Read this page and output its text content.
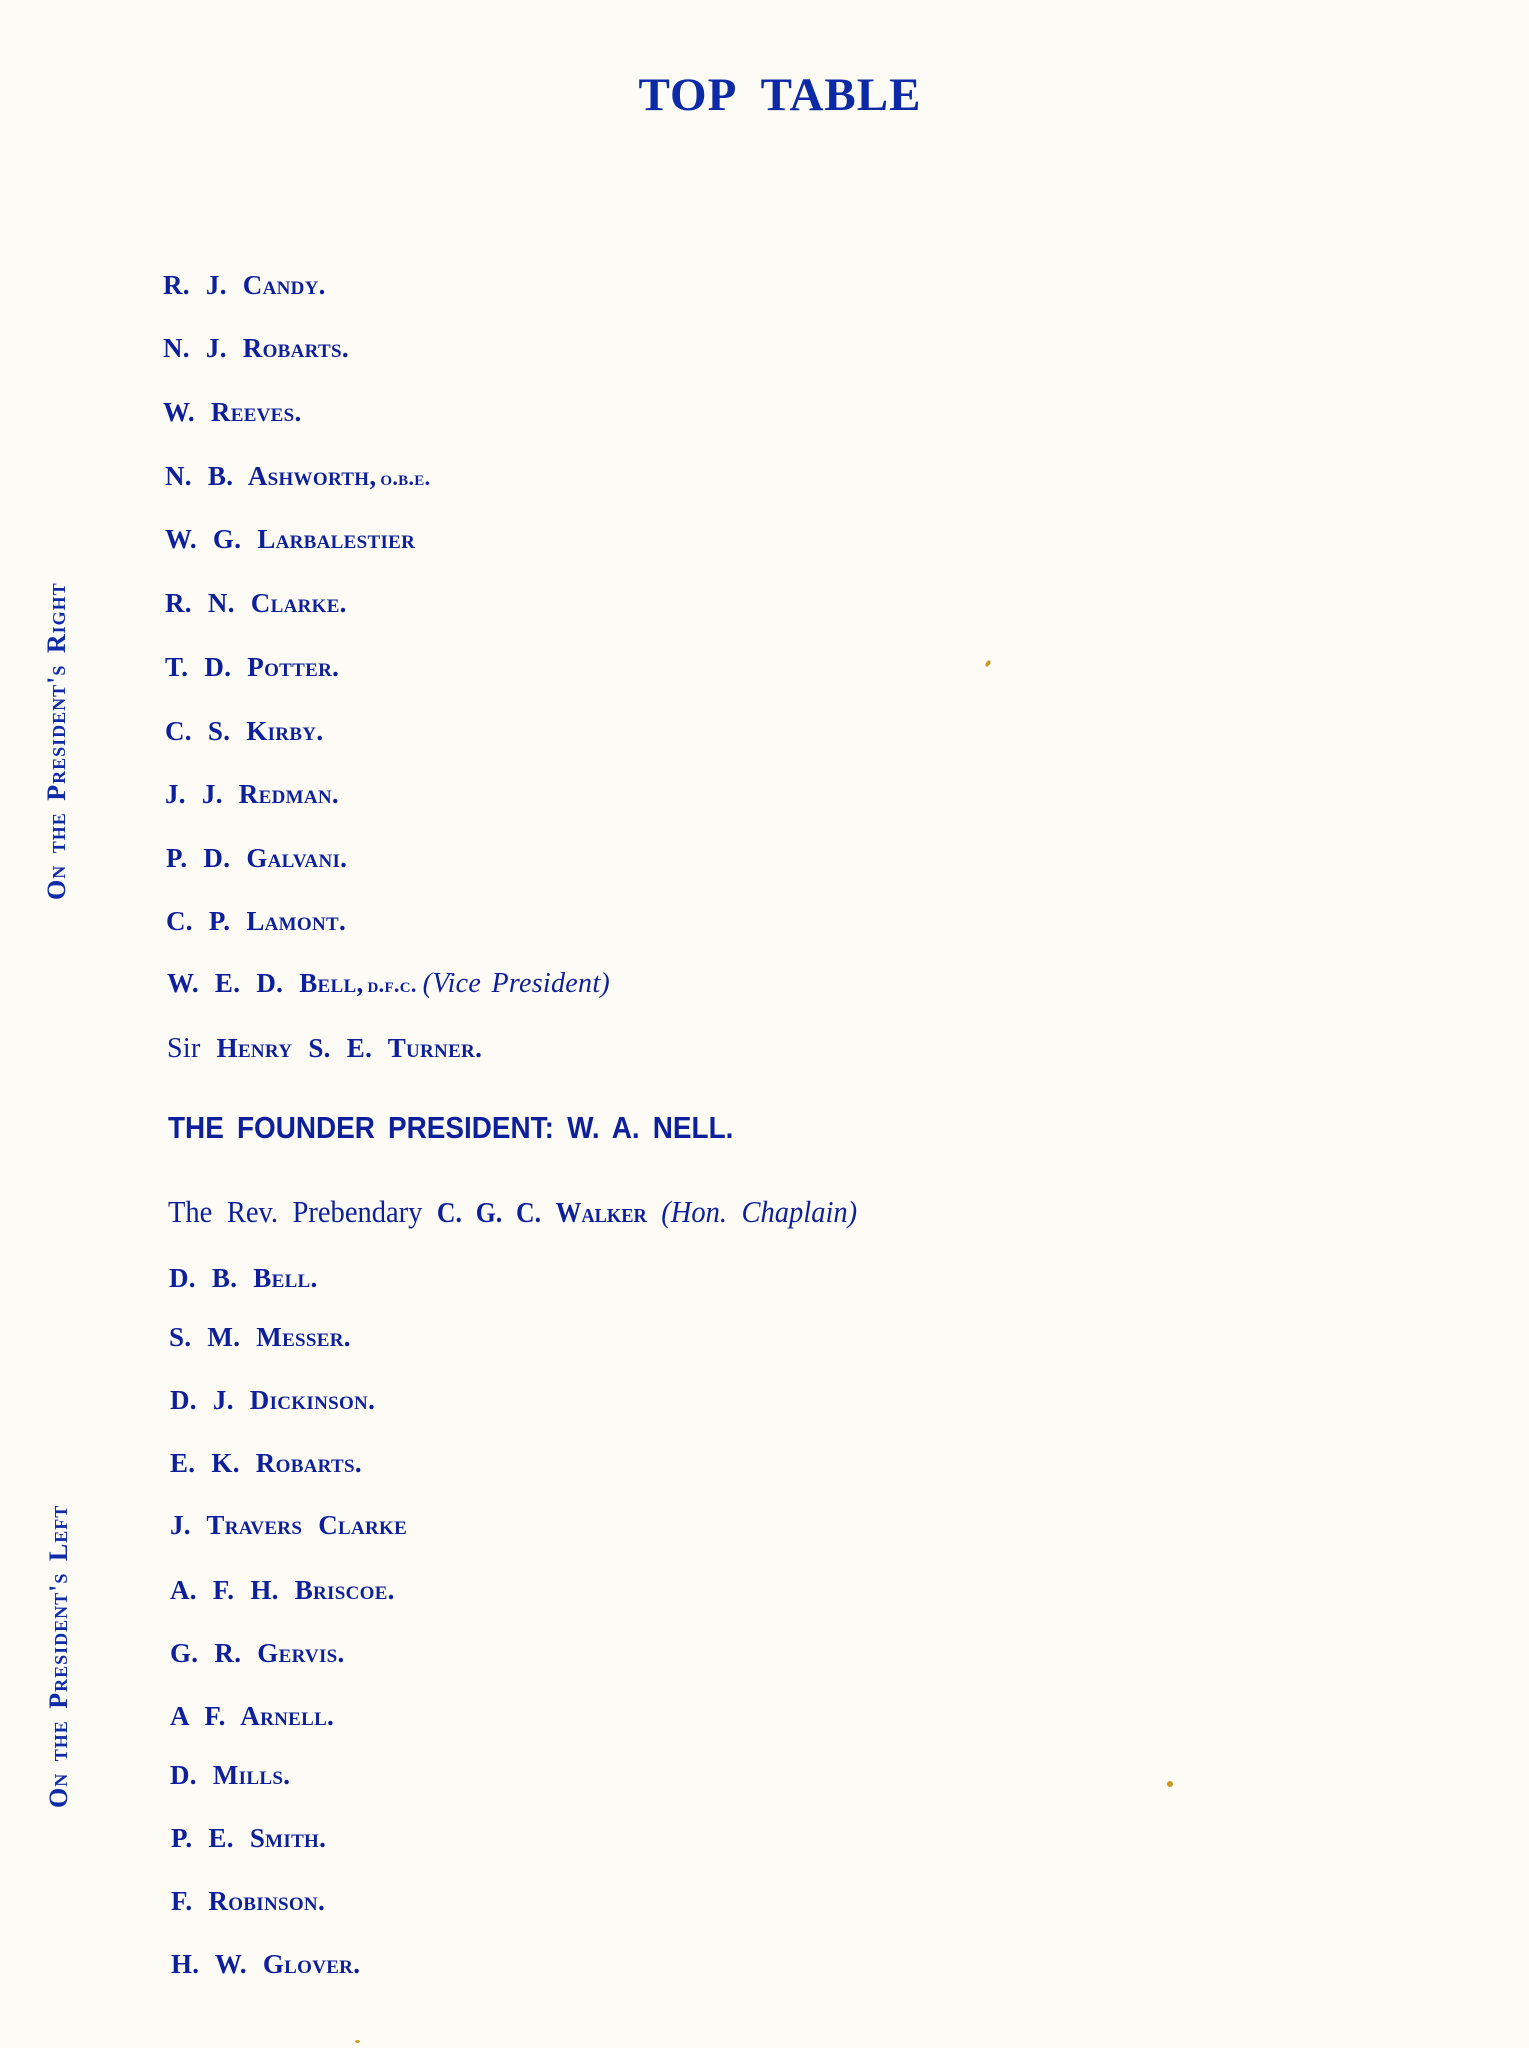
TOP TABLE
On the President's Right
On the President's Left
R. J. Candy.
N. J. Robarts.
W. Reeves.
N. B. Ashworth, o.b.e.
W. G. Larbalestier
R. N. Clarke.
T. D. Potter.
C. S. Kirby.
J. J. Redman.
P. D. Galvani.
C. P. Lamont.
W. E. D. Bell, d.f.c. (Vice President)
Sir Henry S. E. Turner.
THE FOUNDER PRESIDENT: W. A. NELL.
The Rev. Prebendary C. G. C. Walker (Hon. Chaplain)
D. B. Bell.
S. M. Messer.
D. J. Dickinson.
E. K. Robarts.
J. Travers Clarke
A. F. H. Briscoe.
G. R. Gervis.
A F. Arnell.
D. Mills.
P. E. Smith.
F. Robinson.
H. W. Glover.
